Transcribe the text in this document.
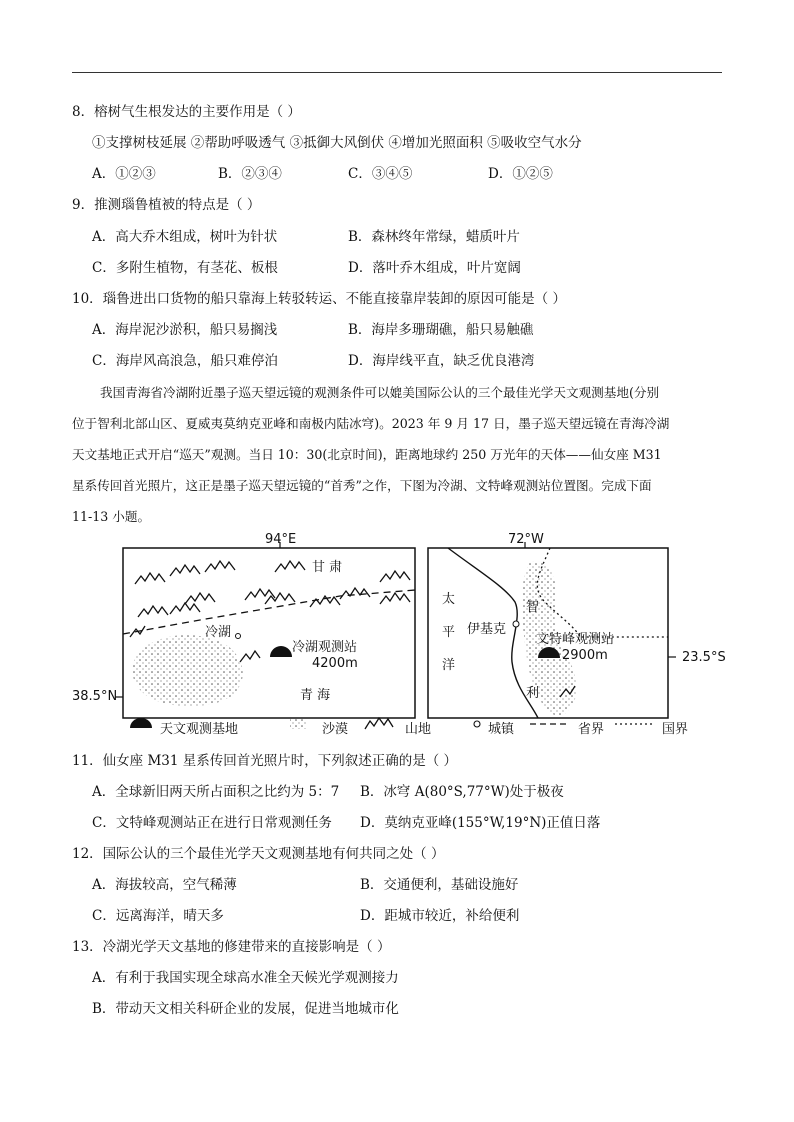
8．榕树气生根发达的主要作用是（ ）
①支撑树枝延展 ②帮助呼吸透气 ③抵御大风倒伏 ④增加光照面积 ⑤吸收空气水分
A．①②③	B．②③④	C．③④⑤	D．①②⑤
9．推测瑙鲁植被的特点是（ ）
A．高大乔木组成，树叶为针状	B．森林终年常绿，蜡质叶片
C．多附生植物，有茎花、板根	D．落叶乔木组成，叶片宽阔
10．瑙鲁进出口货物的船只靠海上转驳转运、不能直接靠岸装卸的原因可能是（ ）
A．海岸泥沙淤积，船只易搁浅	B．海岸多珊瑚礁，船只易触礁
C．海岸风高浪急，船只难停泊	D．海岸线平直，缺乏优良港湾
我国青海省冷湖附近墨子巡天望远镜的观测条件可以媲美国际公认的三个最佳光学天文观测基地(分别
位于智利北部山区、夏威夷莫纳克亚峰和南极内陆冰穹)。2023 年 9 月 17 日，墨子巡天望远镜在青海冷湖
天文基地正式开启“巡天”观测。当日 10：30(北京时间)，距离地球约 250 万光年的天体——仙女座 M31
星系传回首光照片，这正是墨子巡天望远镜的“首秀”之作，下图为冷湖、文特峰观测站位置图。完成下面
11-13 小题。
94°E
38.5°N
甘 肃
冷湖
冷湖观测站
4200m
青 海
72°W
23.5°S
太
平
洋
智
利
伊基克
文特峰观测站
2900m
天文观测基地	沙漠	山地	城镇	省界	国界
11．仙女座 M31 星系传回首光照片时，下列叙述正确的是（ ）
A．全球新旧两天所占面积之比约为 5：7 B．冰穹 A(80°S,77°W)处于极夜
C．文特峰观测站正在进行日常观测任务 D．莫纳克亚峰(155°W,19°N)正值日落
12．国际公认的三个最佳光学天文观测基地有何共同之处（ ）
A．海拔较高，空气稀薄	B．交通便利，基础设施好
C．远离海洋，晴天多	D．距城市较近，补给便利
13．冷湖光学天文基地的修建带来的直接影响是（ ）
A．有利于我国实现全球高水准全天候光学观测接力
B．带动天文相关科研企业的发展，促进当地城市化
